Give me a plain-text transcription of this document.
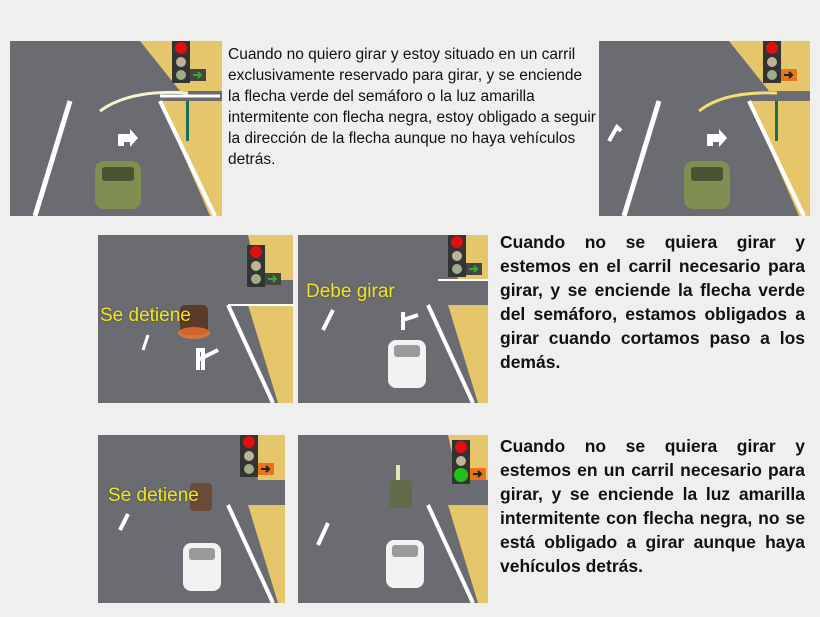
Cuando no quiero girar y estoy situado en un carril exclusivamente reservado para girar, y se enciende la flecha verde del semáforo o la luz amarilla intermitente con flecha negra, estoy obligado a seguir la dirección de la flecha aunque no haya vehículos detrás.
Se detiene
Debe girar
Cuando no se quiera girar y estemos en el carril necesario para girar, y se enciende la flecha verde del semáforo, estamos obligados a girar cuando cortamos paso a los demás.
Se detiene
Cuando no se quiera girar y estemos en un carril necesario para girar, y se enciende la luz amarilla intermitente con flecha negra, no se está obligado a girar aunque haya vehículos detrás.
